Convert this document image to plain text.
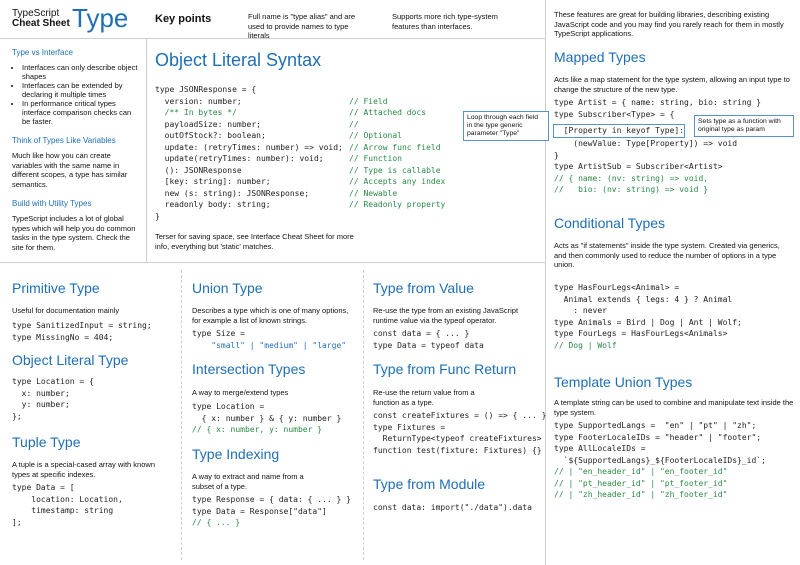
TypeScript
Cheat Sheet Type Key points	Full name is "type alias" and are used to provide names to type literals
Supports more rich type-system features than interfaces.
Type vs Interface
• Interfaces can only describe object shapes
• Interfaces can be extended by declaring it multiple times
• In performance critical types interface comparison checks can be faster.
Think of Types Like Variables
Much like how you can create variables with the same name in different scopes, a type has similar semantics.
Build with Utility Types
TypeScript includes a lot of global types which will help you do common tasks in the type system. Check the site for them.
Object Literal Syntax
type JSONResponse = {
version: number;	// Field
/** In bytes */	// Attached docs
payloadSize: number;	//
outOfStock?: boolean;	// Optional
update: (retryTimes: number) => void; // Arrow func field
update(retryTimes: number): void;	// Function
(): JSONResponse	// Type is callable
[key: string]: number;	// Accepts any index
new (s: string): JSONResponse;	// Newable
readonly body: string;	// Readonly property
}
Terser for saving space, see Interface Cheat Sheet for more info, everything but 'static' matches.
These features are great for building libraries, describing existing JavaScript code and you may find you rarely reach for them in mostly TypeScript applications.
Mapped Types
Acts like a map statement for the type system, allowing an input type to change the structure of the new type.
type Artist = { name: string, bio: string }
type Subscriber<Type> = {
[Property in keyof Type]:
(newValue: Type[Property]) => void
}
type ArtistSub = Subscriber<Artist>
// { name: (nv: string) => void,
//   bio: (nv: string) => void }
Loop through each field in the type generic parameter "Type"
Sets type as a function with original type as param
Conditional Types
Acts as "if statements" inside the type system. Created via generics, and then commonly used to reduce the number of options in a type union.
type HasFourLegs<Animal> =
Animal extends { legs: 4 } ? Animal
: never
type Animals = Bird | Dog | Ant | Wolf;
type FourLegs = HasFourLegs<Animals>
// Dog | Wolf
Template Union Types
A template string can be used to combine and manipulate text inside the type system.
type SupportedLangs =  "en" | "pt" | "zh";
type FooterLocaleIDs = "header" | "footer";
type AllLocaleIDs =
`${SupportedLangs}_${FooterLocaleIDs}_id`;
// | "en_header_id" | "en_footer_id"
// | "pt_header_id" | "pt_footer_id"
// | "zh_header_id" | "zh_footer_id"
Primitive Type
Useful for documentation mainly
type SanitizedInput = string;
type MissingNo = 404;
Object Literal Type
type Location = {
x: number;
y: number;
};
Tuple Type
A tuple is a special-cased array with known types at specific indexes.
type Data = [
location: Location,
timestamp: string
];
Union Type
Describes a type which is one of many options, for example a list of known strings.
type Size =
"small" | "medium" | "large"
Intersection Types
A way to merge/extend types
type Location =
{ x: number } & { y: number }
// { x: number, y: number }
Type Indexing
A way to extract and name from a subset of a type.
type Response = { data: { ... } }
type Data = Response["data"]
// { ... }
Type from Value
Re-use the type from an existing JavaScript runtime value via the typeof operator.
const data = { ... }
type Data = typeof data
Type from Func Return
Re-use the return value from a function as a type.
const createFixtures = () => { ... }
type Fixtures =
ReturnType<typeof createFixtures>
function test(fixture: Fixtures) {}
Type from Module
const data: import("./data").data
